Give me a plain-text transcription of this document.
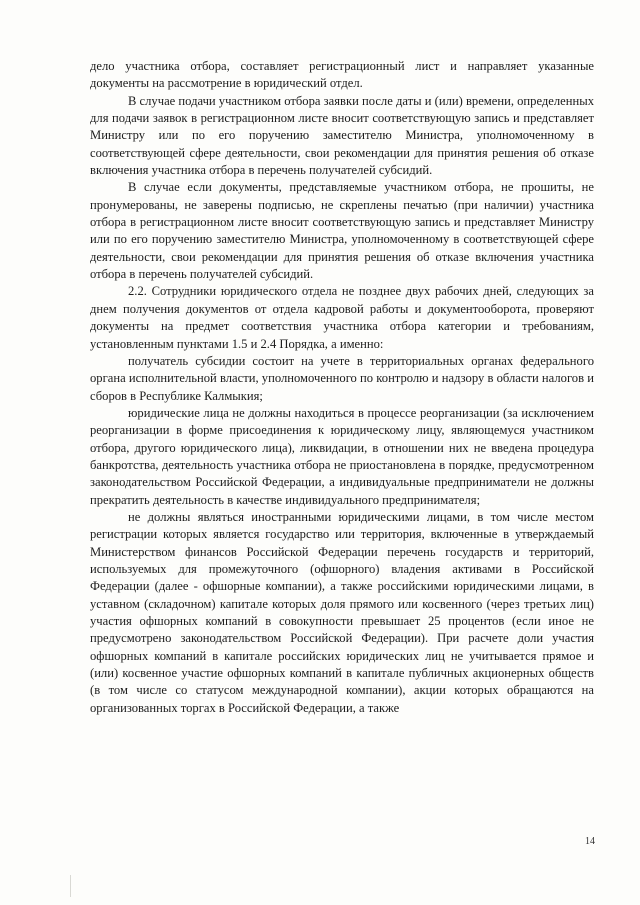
дело участника отбора, составляет регистрационный лист и направляет указанные документы на рассмотрение в юридический отдел.

В случае подачи участником отбора заявки после даты и (или) времени, определенных для подачи заявок в регистрационном листе вносит соответствующую запись и представляет Министру или по его поручению заместителю Министра, уполномоченному в соответствующей сфере деятельности, свои рекомендации для принятия решения об отказе включения участника отбора в перечень получателей субсидий.

В случае если документы, представляемые участником отбора, не прошиты, не пронумерованы, не заверены подписью, не скреплены печатью (при наличии) участника отбора в регистрационном листе вносит соответствующую запись и представляет Министру или по его поручению заместителю Министра, уполномоченному в соответствующей сфере деятельности, свои рекомендации для принятия решения об отказе включения участника отбора в перечень получателей субсидий.

2.2. Сотрудники юридического отдела не позднее двух рабочих дней, следующих за днем получения документов от отдела кадровой работы и документооборота, проверяют документы на предмет соответствия участника отбора категории и требованиям, установленным пунктами 1.5 и 2.4 Порядка, а именно:

получатель субсидии состоит на учете в территориальных органах федерального органа исполнительной власти, уполномоченного по контролю и надзору в области налогов и сборов в Республике Калмыкия;

юридические лица не должны находиться в процессе реорганизации (за исключением реорганизации в форме присоединения к юридическому лицу, являющемуся участником отбора, другого юридического лица), ликвидации, в отношении них не введена процедура банкротства, деятельность участника отбора не приостановлена в порядке, предусмотренном законодательством Российской Федерации, а индивидуальные предприниматели не должны прекратить деятельность в качестве индивидуального предпринимателя;

не должны являться иностранными юридическими лицами, в том числе местом регистрации которых является государство или территория, включенные в утверждаемый Министерством финансов Российской Федерации перечень государств и территорий, используемых для промежуточного (офшорного) владения активами в Российской Федерации (далее - офшорные компании), а также российскими юридическими лицами, в уставном (складочном) капитале которых доля прямого или косвенного (через третьих лиц) участия офшорных компаний в совокупности превышает 25 процентов (если иное не предусмотрено законодательством Российской Федерации). При расчете доли участия офшорных компаний в капитале российских юридических лиц не учитывается прямое и (или) косвенное участие офшорных компаний в капитале публичных акционерных обществ (в том числе со статусом международной компании), акции которых обращаются на организованных торгах в Российской Федерации, а также

14
